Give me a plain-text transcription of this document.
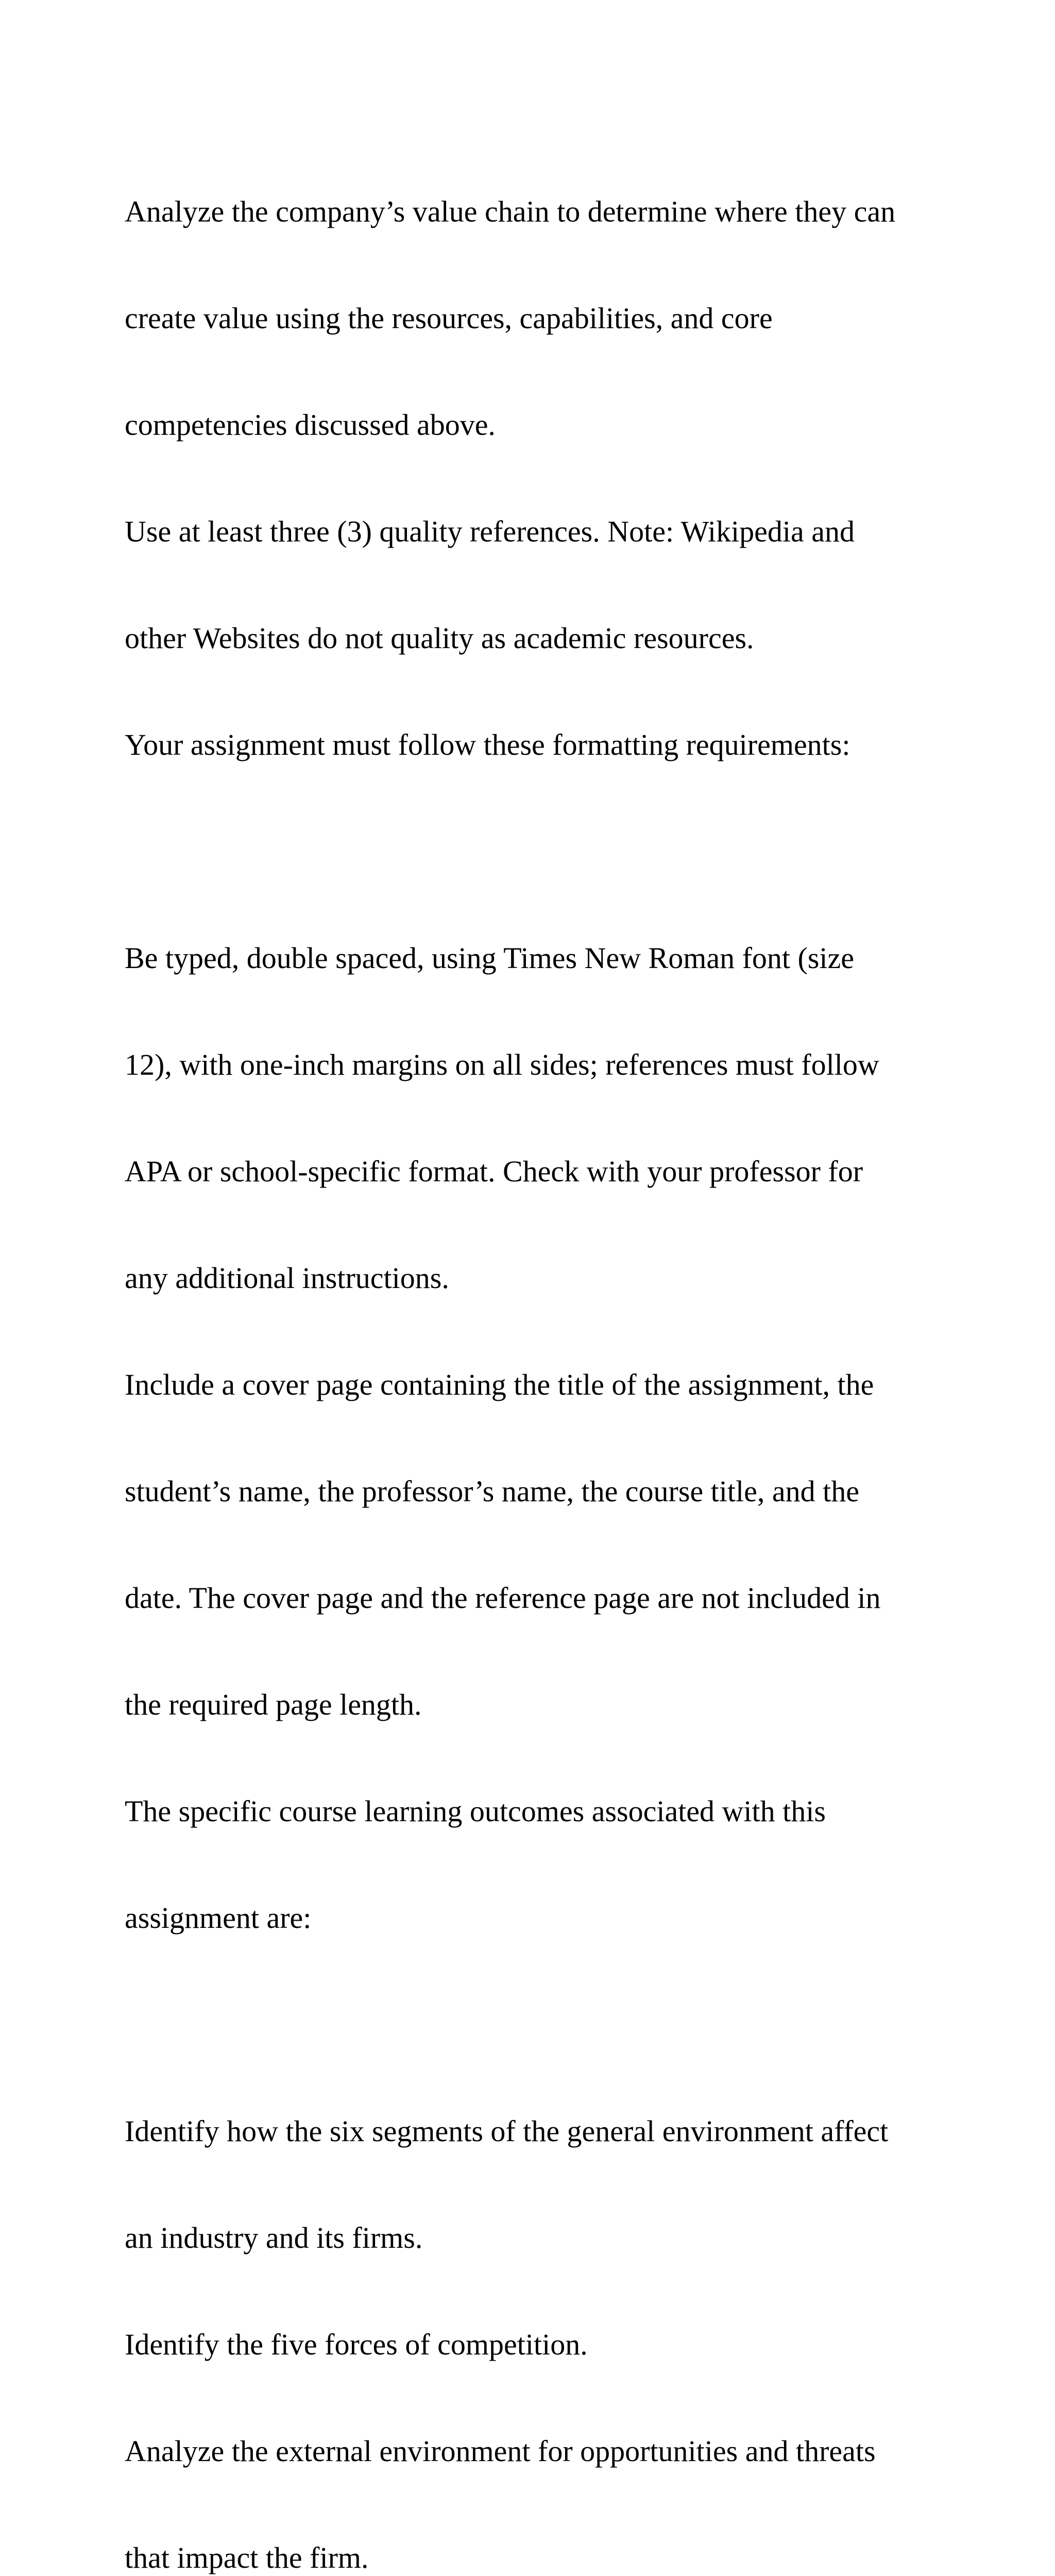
Analyze the company’s value chain to determine where they can

create value using the resources, capabilities, and core

competencies discussed above.

Use at least three (3) quality references. Note: Wikipedia and

other Websites do not quality as academic resources.

Your assignment must follow these formatting requirements:

Be typed, double spaced, using Times New Roman font (size

12), with one-inch margins on all sides; references must follow

APA or school-specific format. Check with your professor for

any additional instructions.

Include a cover page containing the title of the assignment, the

student’s name, the professor’s name, the course title, and the

date. The cover page and the reference page are not included in

the required page length.

The specific course learning outcomes associated with this

assignment are:

Identify how the six segments of the general environment affect

an industry and its firms.

Identify the five forces of competition.

Analyze the external environment for opportunities and threats

that impact the firm.
